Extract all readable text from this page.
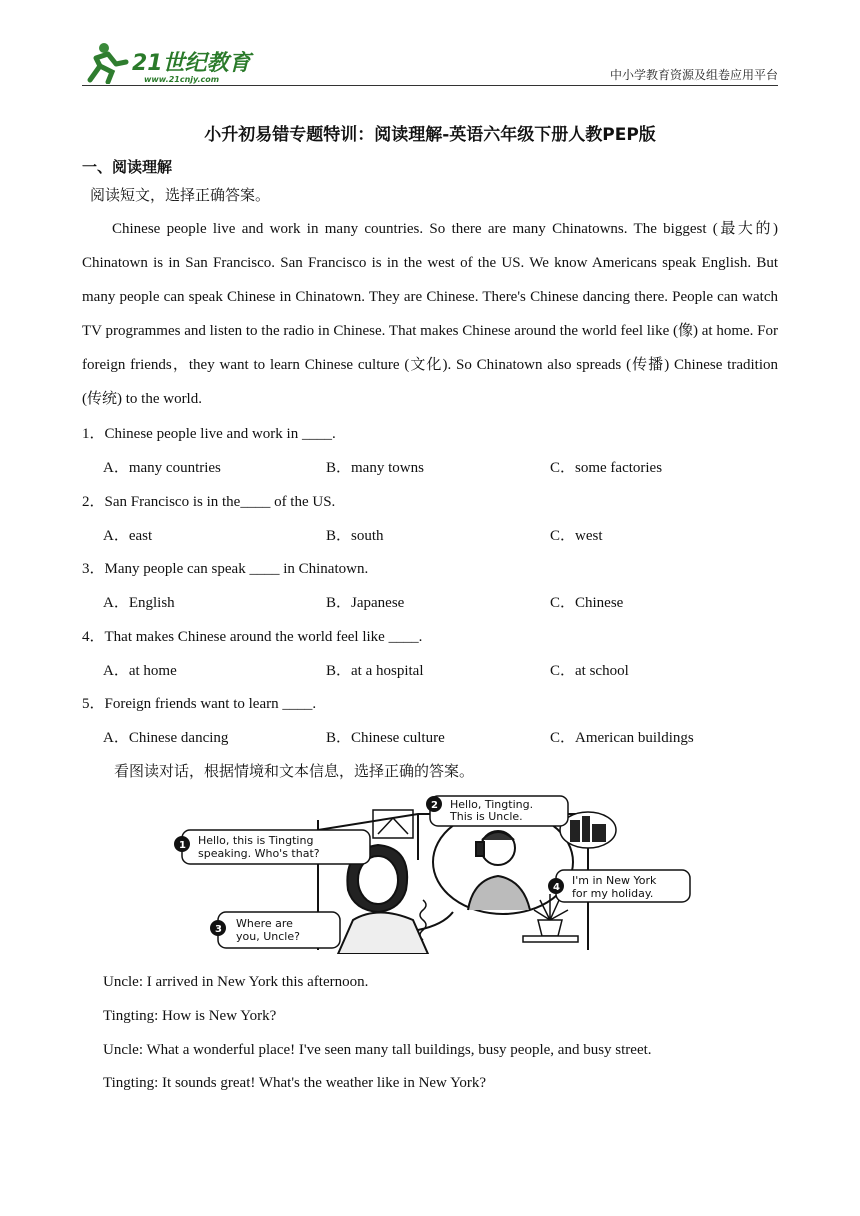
21世纪教育
www.21cnjy.com	中小学教育资源及组卷应用平台
小升初易错专题特训：阅读理解-英语六年级下册人教PEP版
一、阅读理解
阅读短文，选择正确答案。

Chinese people live and work in many countries. So there are many Chinatowns. The biggest (最大的) Chinatown is in San Francisco. San Francisco is in the west of the US. We know Americans speak English. But many people can speak Chinese in Chinatown. They are Chinese. There's Chinese dancing there. People can watch TV programmes and listen to the radio in Chinese. That makes Chinese around the world feel like (像) at home. For foreign friends，they want to learn Chinese culture (文化). So Chinatown also spreads (传播) Chinese tradition (传统) to the world.

1．Chinese people live and work in ____.
A．many countries	B．many towns	C．some factories
2．San Francisco is in the____ of the US.
A．east	B．south	C．west
3．Many people can speak ____ in Chinatown.
A．English	B．Japanese	C．Chinese
4．That makes Chinese around the world feel like ____.
A．at home	B．at a hospital	C．at school
5．Foreign friends want to learn ____.
A．Chinese dancing	B．Chinese culture	C．American buildings
看图读对话，根据情境和文本信息，选择正确的答案。
1 Hello, this is Tingting
speaking. Who's that?
2 Hello, Tingting.
This is Uncle.
3 Where are
you, Uncle?
4
I'm in New York
for my holiday.
Uncle: I arrived in New York this afternoon.
Tingting: How is New York?
Uncle: What a wonderful place! I've seen many tall buildings, busy people, and busy street.
Tingting: It sounds great! What's the weather like in New York?
